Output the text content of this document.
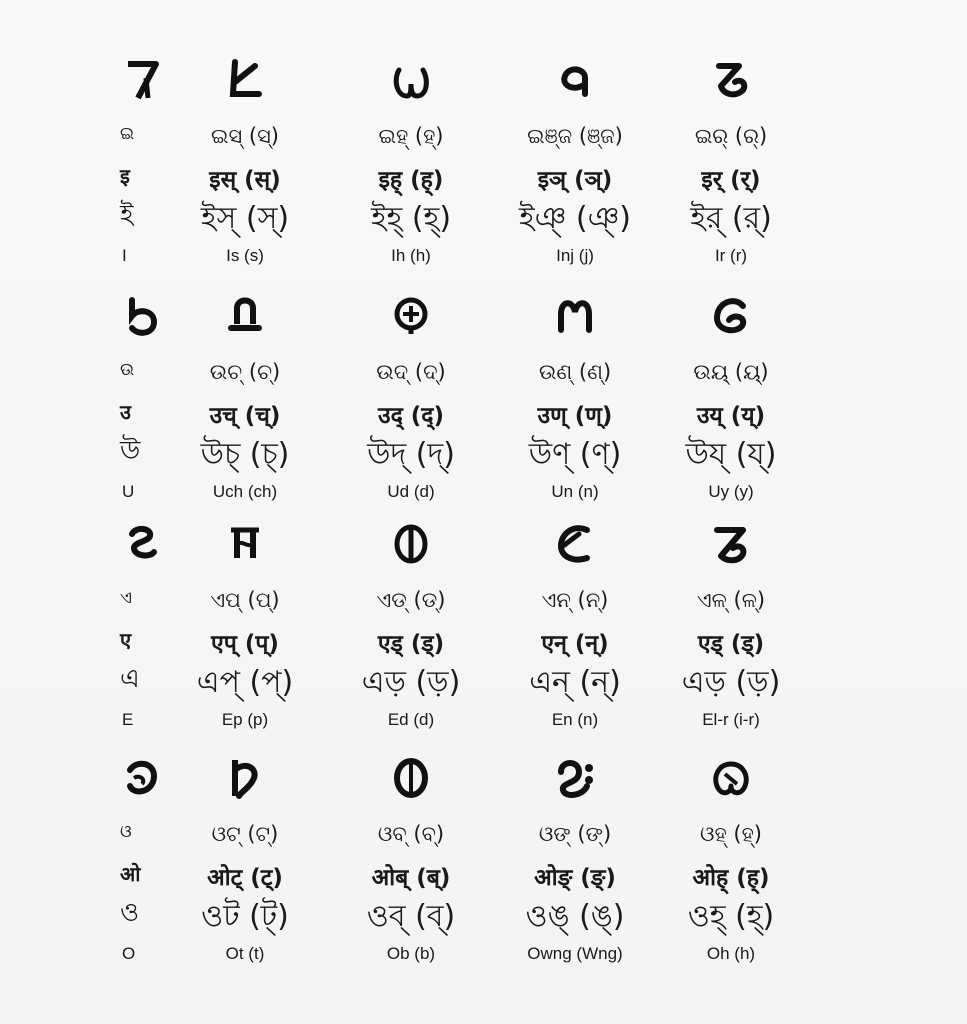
ଇ
इ
ই
I
ଇସ୍ (ସ୍)
इस् (स्)
ইস্ (স্)
Is (s)
ଇହ୍ (ହ୍)
इह् (ह्)
ইহ্ (হ্)
Ih (h)
ଇଞ୍ଜ (ଞ୍ଜ)
इञ् (ञ्)
ইঞ্ (ঞ্)
Inj (j)
ଇର୍ (ର୍)
इर् (र्)
ইর্ (র্)
Ir (r)
ଉ
उ
উ
U
ଉଚ୍ (ଚ୍)
उच् (च्)
উচ্ (চ্)
Uch (ch)
ଉଦ୍ (ଦ୍)
उद् (द्)
উদ্ (দ্)
Ud (d)
ଉଣ୍ (ଣ୍)
उण् (ण्)
উণ্ (ণ্)
Un (n)
ଉୟ୍ (ୟ୍)
उय् (य्)
উয্ (য্)
Uy (y)
ଏ
ए
এ
E
ଏପ୍ (ପ୍)
एप् (प्)
এপ্ (প্)
Ep (p)
ଏଡ୍ (ଡ୍)
एड् (ड्)
এড় (ড়)
Ed (d)
ଏନ୍ (ନ୍)
एन् (न्)
এন্ (ন্)
En (n)
ଏଳ୍ (ଳ୍)
एड् (ड्)
এড় (ড়)
El-r (i-r)
ଓ
ओ
ও
O
ଓଟ୍ (ଟ୍)
ओट् (ट्)
ওট (ট্)
Ot (t)
ଓବ୍ (ବ୍)
ओब् (ब्)
ওব্ (ব্)
Ob (b)
ଓଙ୍ (ଙ୍)
ओङ् (ङ्)
ওঙ্ (ঙ্)
Owng (Wng)
ଓହ୍ (ହ୍)
ओह् (ह्)
ওহ্ (হ্)
Oh (h)
